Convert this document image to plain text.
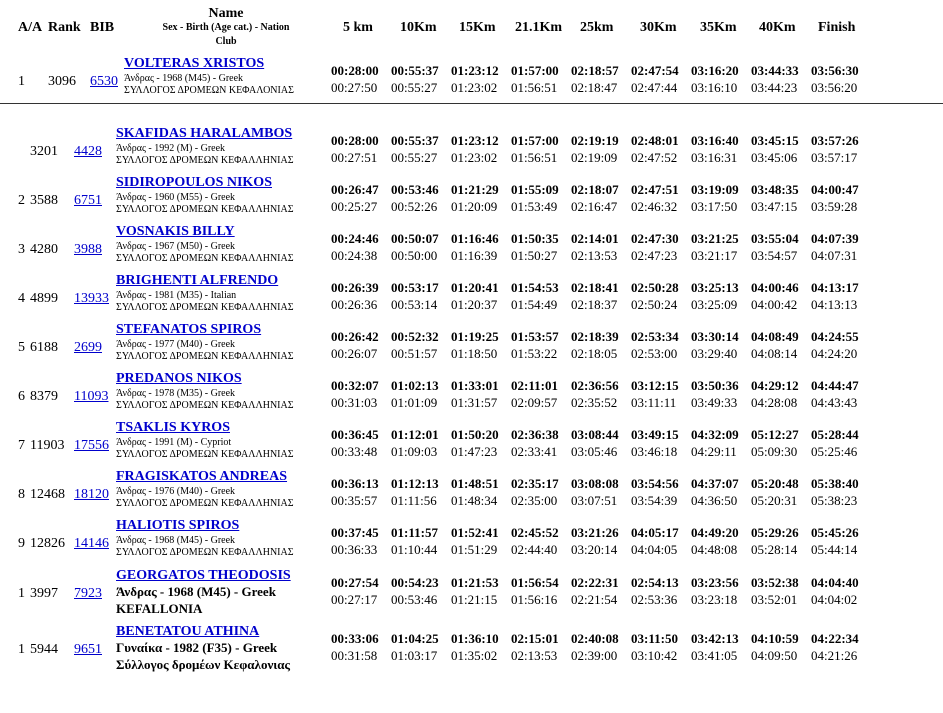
A/A Rank BIB
Name
Sex - Birth (Age cat.) - Nation
Club
5 km 10Km 15Km 21.1Km 25km 30Km 35Km 40Km Finish
1 3096 6530
VOLTERAS XRISTOS
Άνδρας - 1968 (M45) - Greek
ΣΥΛΛΟΓΟΣ ΔΡΟΜΕΩΝ ΚΕΦΑΛΟΝΙΑΣ
00:28:00 00:55:37 01:23:12 01:57:00 02:18:57 02:47:54 03:16:20 03:44:33 03:56:30
00:27:50 00:55:27 01:23:02 01:56:51 02:18:47 02:47:44 03:16:10 03:44:23 03:56:20
3201 4428
SKAFIDAS HARALAMBOS
Άνδρας - 1992 (M) - Greek
ΣΥΛΛΟΓΟΣ ΔΡΟΜΕΩΝ ΚΕΦΑΛΛΗΝΙΑΣ
00:28:00 00:55:37 01:23:12 01:57:00 02:19:19 02:48:01 03:16:40 03:45:15 03:57:26
00:27:51 00:55:27 01:23:02 01:56:51 02:19:09 02:47:52 03:16:31 03:45:06 03:57:17
2 3588 6751
SIDIROPOULOS NIKOS
Άνδρας - 1960 (M55) - Greek
ΣΥΛΛΟΓΟΣ ΔΡΟΜΕΩΝ ΚΕΦΑΛΛΗΝΙΑΣ
00:26:47 00:53:46 01:21:29 01:55:09 02:18:07 02:47:51 03:19:09 03:48:35 04:00:47
00:25:27 00:52:26 01:20:09 01:53:49 02:16:47 02:46:32 03:17:50 03:47:15 03:59:28
3 4280 3988
VOSNAKIS BILLY
Άνδρας - 1967 (M50) - Greek
ΣΥΛΛΟΓΟΣ ΔΡΟΜΕΩΝ ΚΕΦΑΛΛΗΝΙΑΣ
00:24:46 00:50:07 01:16:46 01:50:35 02:14:01 02:47:30 03:21:25 03:55:04 04:07:39
00:24:38 00:50:00 01:16:39 01:50:27 02:13:53 02:47:23 03:21:17 03:54:57 04:07:31
4 4899 13933
BRIGHENTI ALFRENDO
Άνδρας - 1981 (M35) - Italian
ΣΥΛΛΟΓΟΣ ΔΡΟΜΕΩΝ ΚΕΦΑΛΛΗΝΙΑΣ
00:26:39 00:53:17 01:20:41 01:54:53 02:18:41 02:50:28 03:25:13 04:00:46 04:13:17
00:26:36 00:53:14 01:20:37 01:54:49 02:18:37 02:50:24 03:25:09 04:00:42 04:13:13
5 6188 2699
STEFANATOS SPIROS
Άνδρας - 1977 (M40) - Greek
ΣΥΛΛΟΓΟΣ ΔΡΟΜΕΩΝ ΚΕΦΑΛΛΗΝΙΑΣ
00:26:42 00:52:32 01:19:25 01:53:57 02:18:39 02:53:34 03:30:14 04:08:49 04:24:55
00:26:07 00:51:57 01:18:50 01:53:22 02:18:05 02:53:00 03:29:40 04:08:14 04:24:20
6 8379 11093
PREDANOS NIKOS
Άνδρας - 1978 (M35) - Greek
ΣΥΛΛΟΓΟΣ ΔΡΟΜΕΩΝ ΚΕΦΑΛΛΗΝΙΑΣ
00:32:07 01:02:13 01:33:01 02:11:01 02:36:56 03:12:15 03:50:36 04:29:12 04:44:47
00:31:03 01:01:09 01:31:57 02:09:57 02:35:52 03:11:11 03:49:33 04:28:08 04:43:43
7 11903 17556
TSAKLIS KYROS
Άνδρας - 1991 (M) - Cypriot
ΣΥΛΛΟΓΟΣ ΔΡΟΜΕΩΝ ΚΕΦΑΛΛΗΝΙΑΣ
00:36:45 01:12:01 01:50:20 02:36:38 03:08:44 03:49:15 04:32:09 05:12:27 05:28:44
00:33:48 01:09:03 01:47:23 02:33:41 03:05:46 03:46:18 04:29:11 05:09:30 05:25:46
8 12468 18120
FRAGISKATOS ANDREAS
Άνδρας - 1976 (M40) - Greek
ΣΥΛΛΟΓΟΣ ΔΡΟΜΕΩΝ ΚΕΦΑΛΛΗΝΙΑΣ
00:36:13 01:12:13 01:48:51 02:35:17 03:08:08 03:54:56 04:37:07 05:20:48 05:38:40
00:35:57 01:11:56 01:48:34 02:35:00 03:07:51 03:54:39 04:36:50 05:20:31 05:38:23
9 12826 14146
HALIOTIS SPIROS
Άνδρας - 1968 (M45) - Greek
ΣΥΛΛΟΓΟΣ ΔΡΟΜΕΩΝ ΚΕΦΑΛΛΗΝΙΑΣ
00:37:45 01:11:57 01:52:41 02:45:52 03:21:26 04:05:17 04:49:20 05:29:26 05:45:26
00:36:33 01:10:44 01:51:29 02:44:40 03:20:14 04:04:05 04:48:08 05:28:14 05:44:14
1 3997 7923
GEORGATOS THEODOSIS
Άνδρας - 1968 (M45) - Greek
KEFALLONIA
00:27:54 00:54:23 01:21:53 01:56:54 02:22:31 02:54:13 03:23:56 03:52:38 04:04:40
00:27:17 00:53:46 01:21:15 01:56:16 02:21:54 02:53:36 03:23:18 03:52:01 04:04:02
1 5944 9651
BENETATOU ATHINA
Γυναίκα - 1982 (F35) - Greek
Σύλλογος δρομέων Κεφαλονιας
00:33:06 01:04:25 01:36:10 02:15:01 02:40:08 03:11:50 03:42:13 04:10:59 04:22:34
00:31:58 01:03:17 01:35:02 02:13:53 02:39:00 03:10:42 03:41:05 04:09:50 04:21:26
